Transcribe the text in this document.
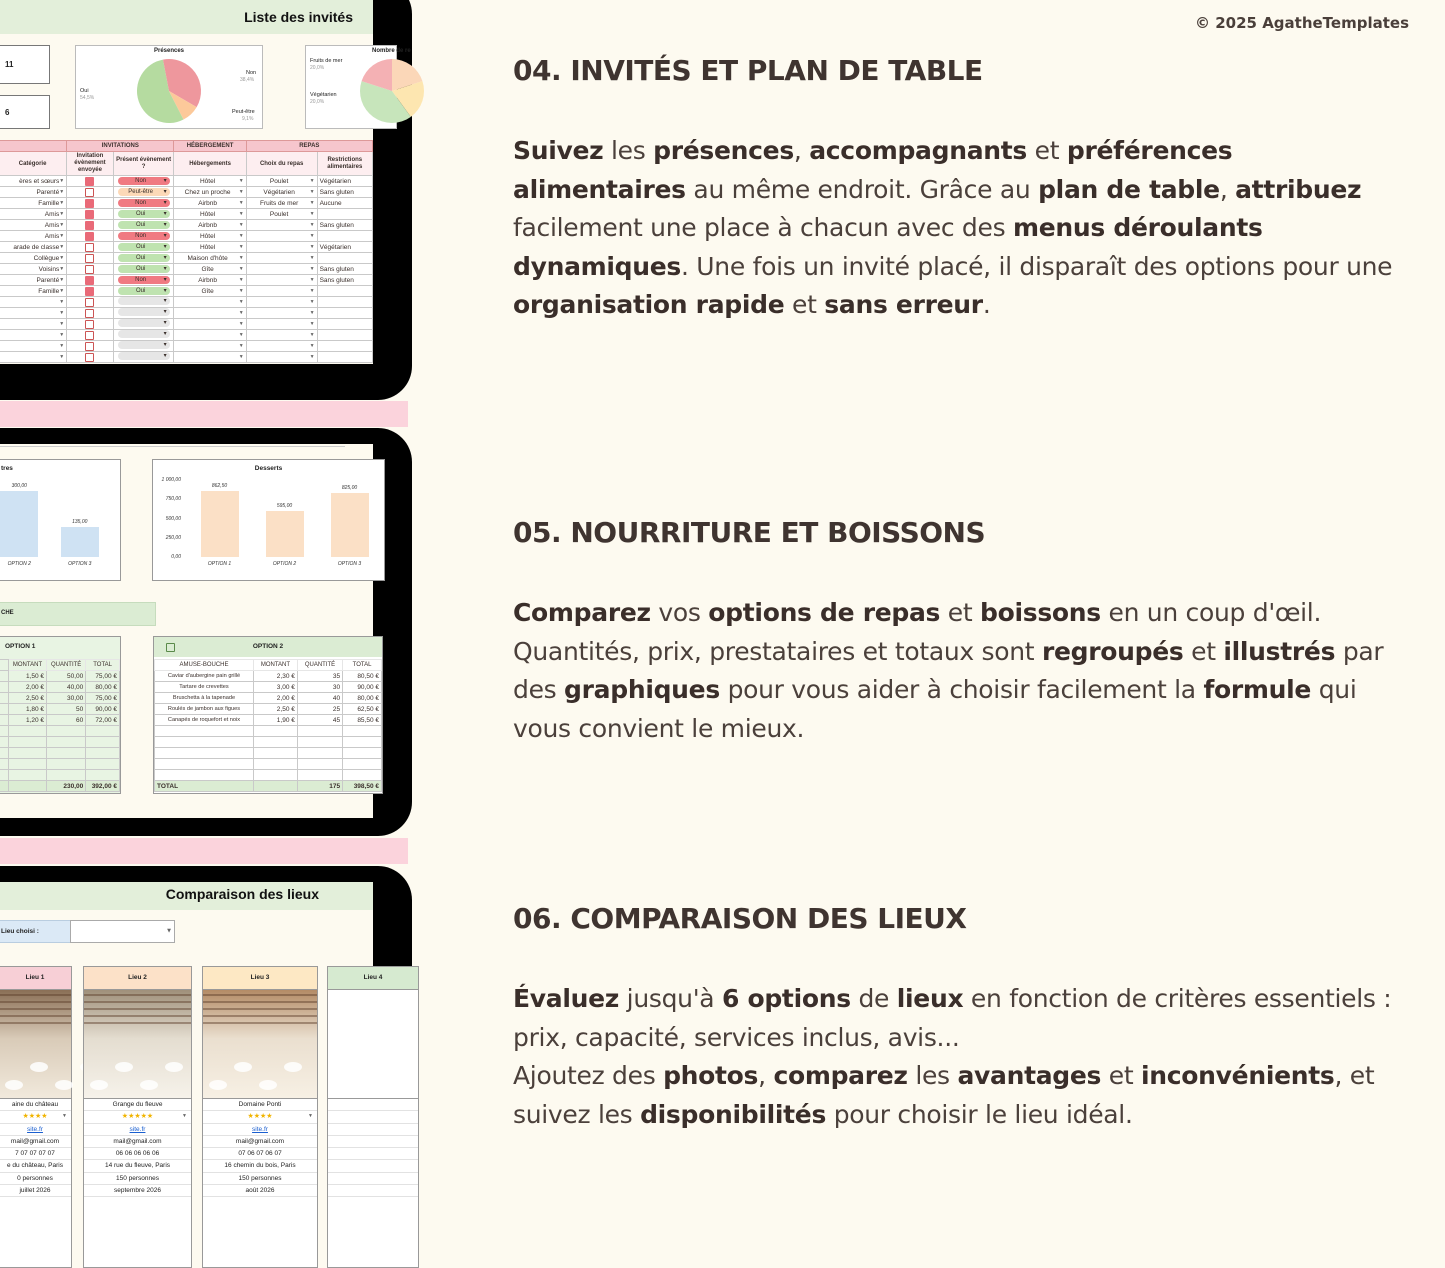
© 2025 AgatheTemplates
04. INVITÉS ET PLAN DE TABLE
Suivez les présences, accompagnants et préférences alimentaires au même endroit. Grâce au plan de table, attribuez facilement une place à chacun avec des menus déroulants dynamiques. Une fois un invité placé, il disparaît des options pour une organisation rapide et sans erreur.
05. NOURRITURE ET BOISSONS
Comparez vos options de repas et boissons en un coup d'œil. Quantités, prix, prestataires et totaux sont regroupés et illustrés par des graphiques pour vous aider à choisir facilement la formule qui vous convient le mieux.
06. COMPARAISON DES LIEUX
Évaluez jusqu'à 6 options de lieux en fonction de critères essentiels : prix, capacité, services inclus, avis...
Ajoutez des photos, comparez les avantages et inconvénients, et suivez les disponibilités pour choisir le lieu idéal.
Liste des invités
11
6
Présences
Non
38,4%
Oui
54,5%
Peut-être
9,1%
Nombre de re
Fruits de mer
20,0%
Végétarien
20,0%
	INVITATIONS		HÉBERGEMENT	REPAS	
Catégorie	Invitation évènement envoyée	Présent évènement ?	Hébergements	Choix du repas	Restrictions alimentaires
ères et sœurs ▼		Non ▾	Hôtel ▼	Poulet ▼	Végétarien
Parenté ▼		Peut-être ▾	Chez un proche ▼	Végétarien ▼	Sans gluten
Famille ▼		Non ▾	Airbnb ▼	Fruits de mer ▼	Aucune
Amis ▼		Oui ▾	Hôtel ▼	Poulet ▼	

Amis ▼		Oui ▾	Airbnb ▼	▼	Sans gluten
Amis ▼		Non ▾	Hôtel ▼	▼	

arade de classe ▼		Oui ▾	Hôtel ▼	▼	Végétarien
Collègue ▼		Oui ▾	Maison d'hôte ▼	▼	

Voisins ▼		Oui ▾	Gîte ▼	▼	Sans gluten
Parenté ▼		Non ▾	Airbnb ▼	▼	Sans gluten
Famille ▼		Oui ▾	Gîte ▼	▼	

▼		▾	▼	▼	

▼		▾	▼	▼	

▼		▾	▼	▼	

▼		▾	▼	▼	

▼		▾	▼	▼	

▼		▾	▼	▼	

tres
300,00
OPTION 2
135,00
OPTION 3
Desserts
1 000,00
750,00
500,00
250,00
0,00
862,50
OPTION 1
595,00
OPTION 2
825,00
OPTION 3
CHE
OPTION 1
	MONTANT	QUANTITÉ	TOTAL
	1,50 €	50,00	75,00 €
	2,00 €	40,00	80,00 €
	2,50 €	30,00	75,00 €
	1,80 €	50	90,00 €
	1,20 €	60	72,00 €

		230,00	392,00 €
OPTION 2
AMUSE-BOUCHE	MONTANT	QUANTITÉ	TOTAL
Caviar d'aubergine pain grillé	2,30 €	35	80,50 €
Tartare de crevettes	3,00 €	30	90,00 €
Bruschetta à la tapenade	2,00 €	40	80,00 €
Roulés de jambon aux figues	2,50 €	25	62,50 €
Canapés de roquefort et noix	1,90 €	45	85,50 €

TOTAL		175	398,50 €
Comparaison des lieux
Lieu choisi :	▼
Lieu 1
aine du château
★★★★	▼
site.fr
mail@gmail.com
7 07 07 07 07
e du château, Paris
0 personnes
juillet 2026
Lieu 2
Grange du fleuve
★★★★★	▼
site.fr
mail@gmail.com
06 06 06 06 06
14 rue du fleuve, Paris
150 personnes
septembre 2026
Lieu 3
Domaine Ponti
★★★★	▼
site.fr
mail@gmail.com
07 06 07 06 07
16 chemin du bois, Paris
150 personnes
août 2026
Lieu 4
